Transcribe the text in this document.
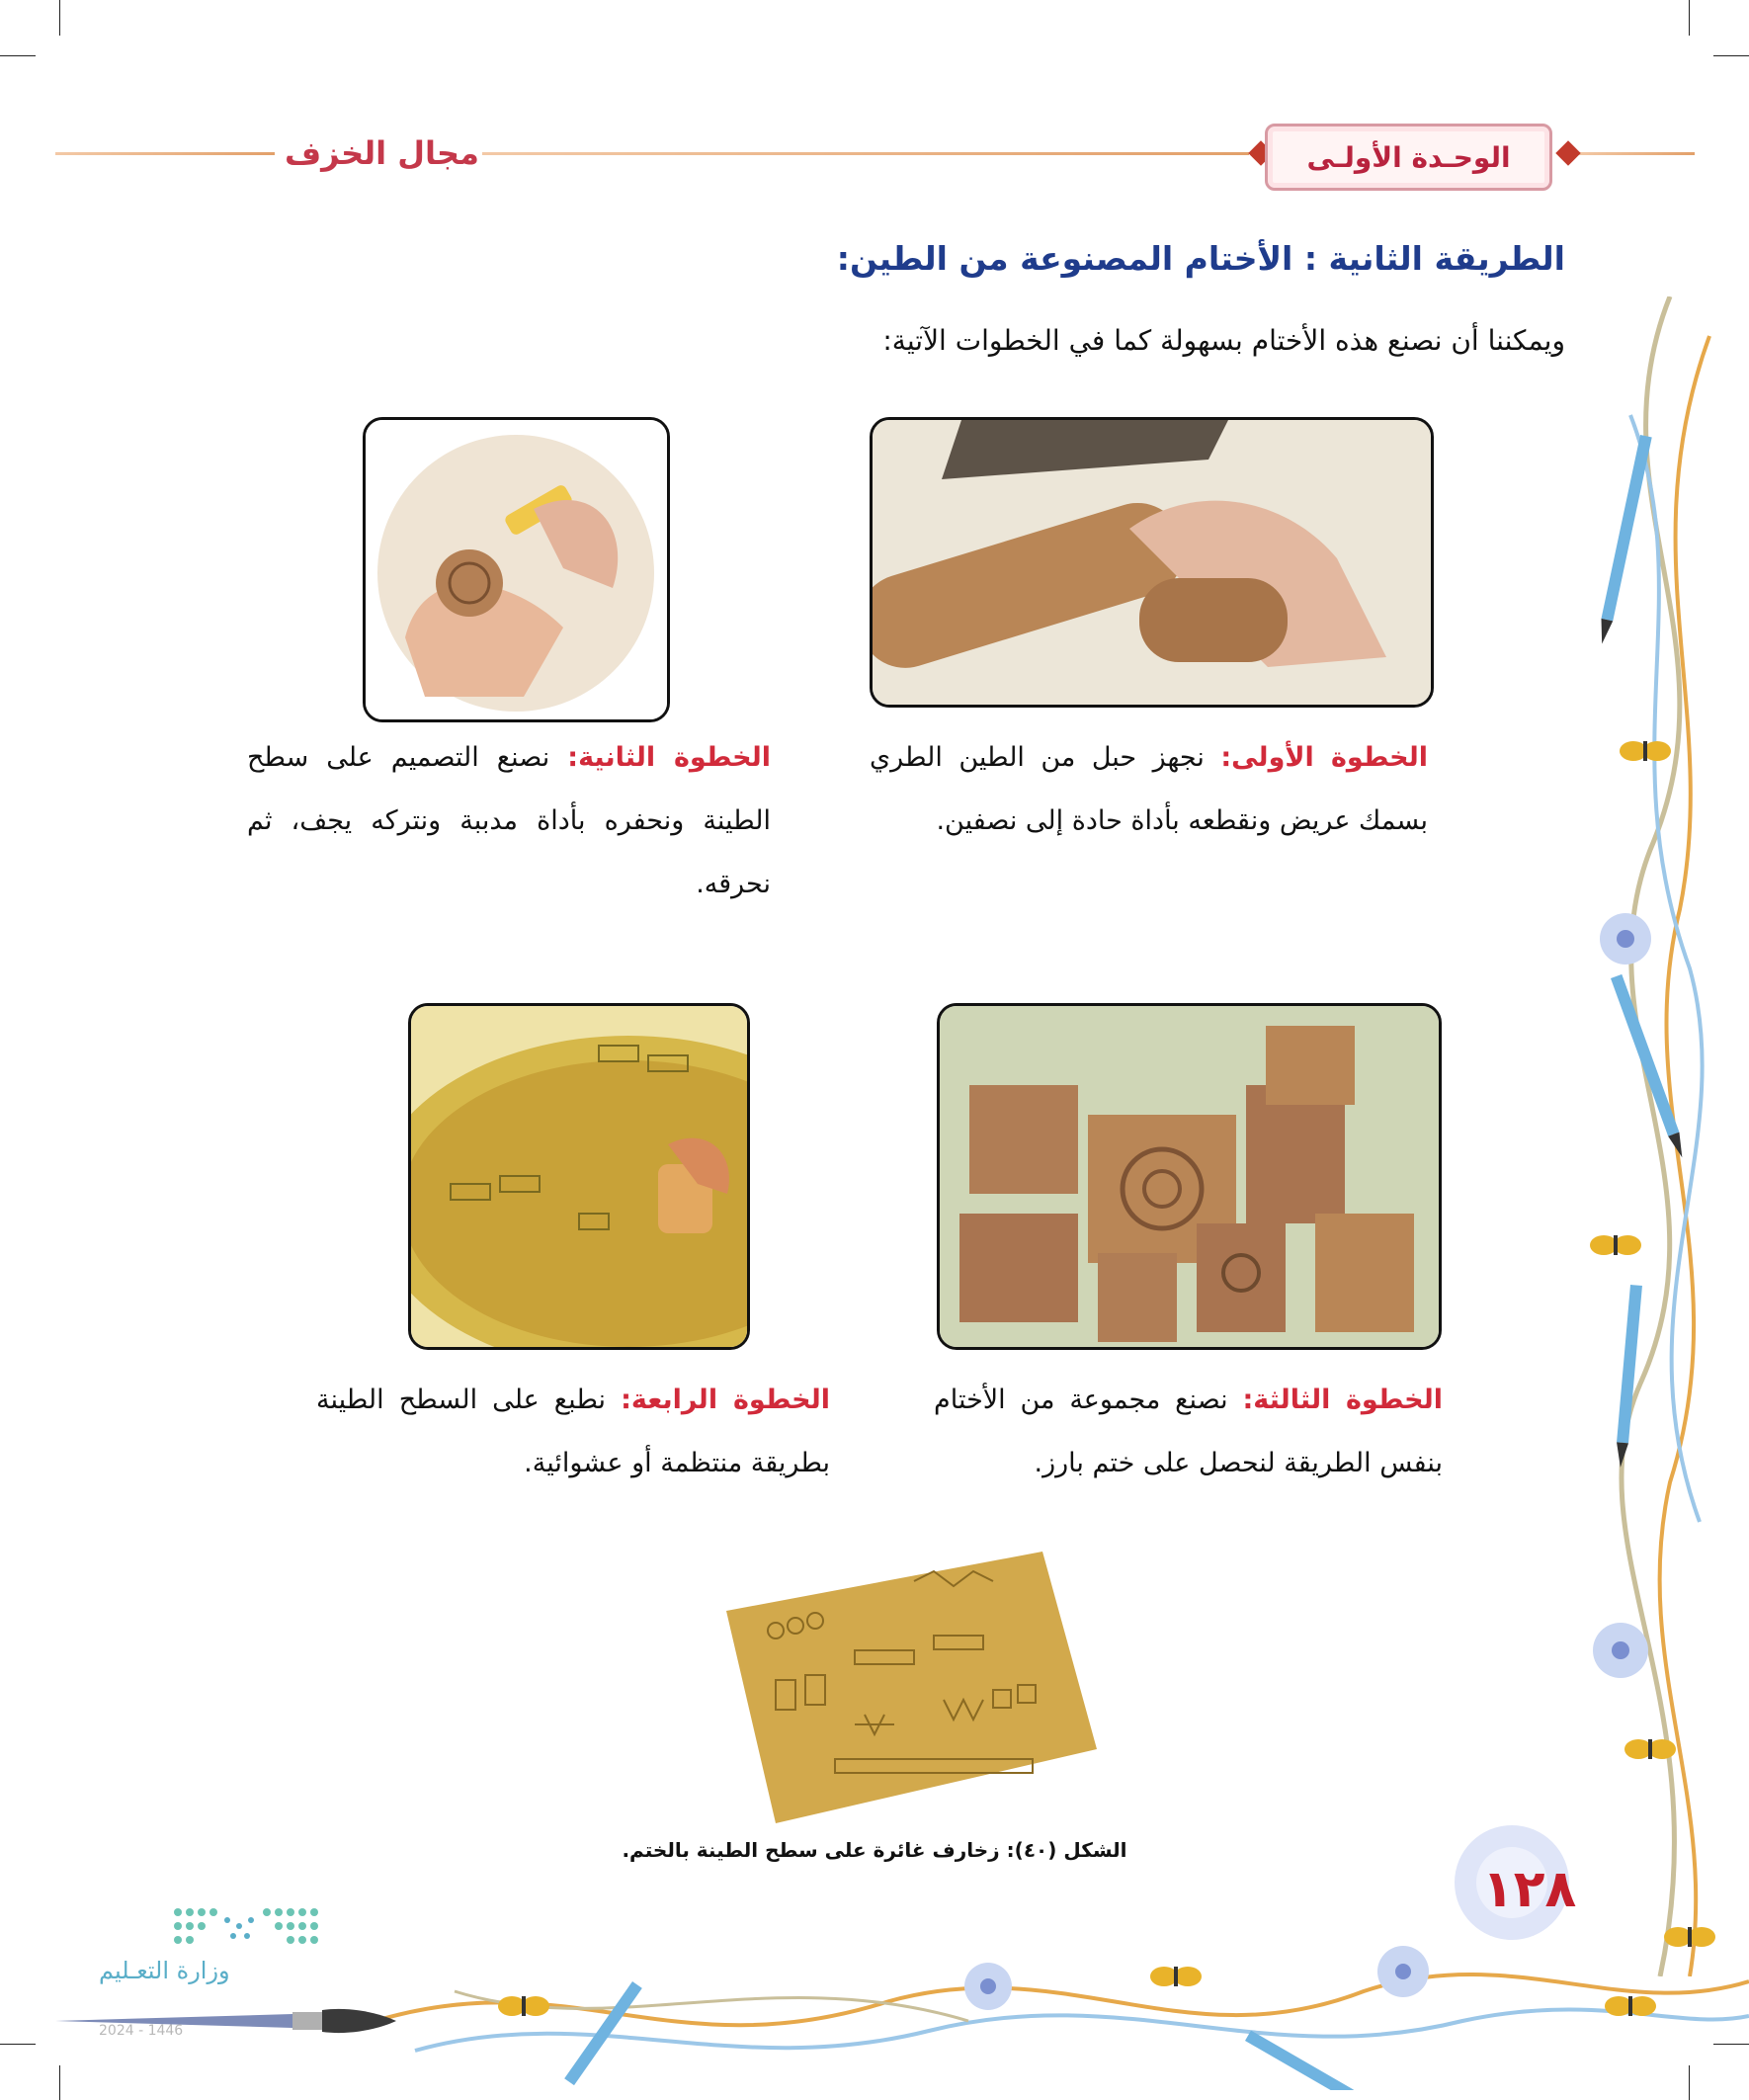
الوحـدة الأولـى
مجال الخزف
الطريقة الثانية : الأختام المصنوعة من الطين:
ويمكننا أن نصنع هذه الأختام بسهولة كما في الخطوات الآتية:
الخطوة الأولى: نجهز حبل من الطين الطري بسمك عريض ونقطعه بأداة حادة إلى نصفين.
الخطوة الثانية: نصنع التصميم على سطح الطينة ونحفره بأداة مدببة ونتركه يجف، ثم نحرقه.
الخطوة الثالثة: نصنع مجموعة من الأختام بنفس الطريقة لنحصل على ختم بارز.
الخطوة الرابعة: نطبع على السطح الطينة بطريقة منتظمة أو عشوائية.
الشكل (٤٠): زخارف غائرة على سطح الطينة بالختم.
١٢٨
وزارة التعـليم
2024 - 1446
